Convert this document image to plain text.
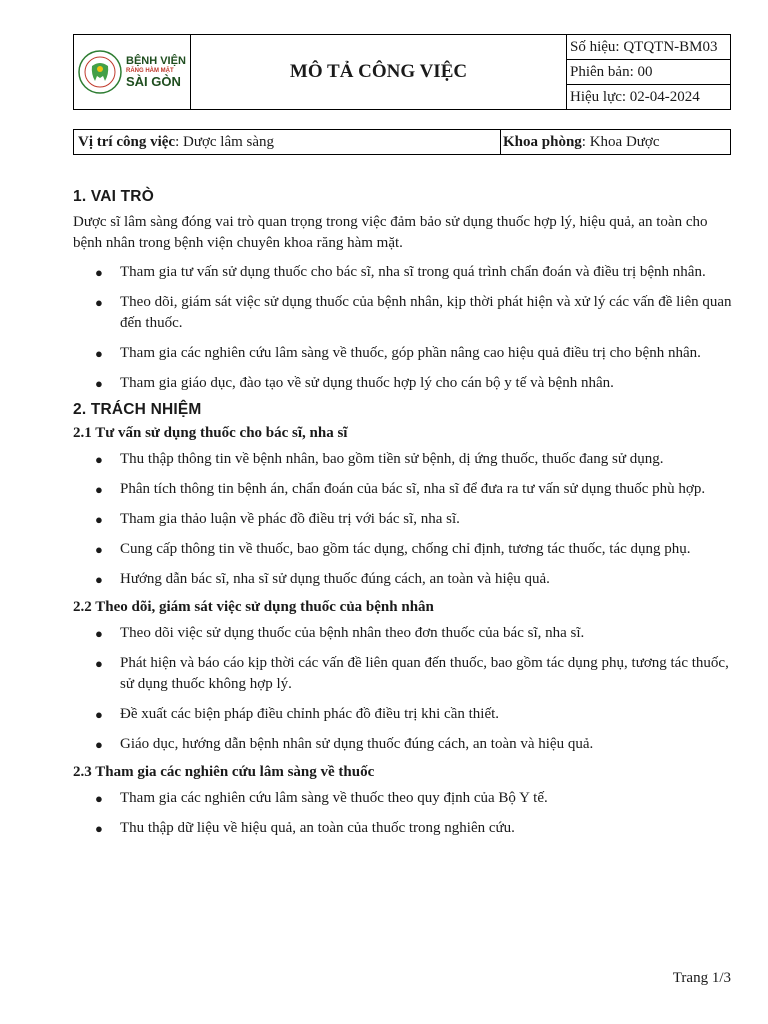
BỆNH VIỆN
RĂNG HÀM MẶT
SÀI GÒN	MÔ TẢ CÔNG VIỆC
Số hiệu: QTQTN-BM03
Phiên bản: 00
Hiệu lực: 02-04-2024
Vị trí công việc : Dược lâm sàng	Khoa phòng : Khoa Dược
1. VAI TRÒ

Dược sĩ lâm sàng đóng vai trò quan trọng trong việc đảm bảo sử dụng thuốc hợp lý, hiệu quả, an toàn cho bệnh nhân trong bệnh viện chuyên khoa răng hàm mặt.

● Tham gia tư vấn sử dụng thuốc cho bác sĩ, nha sĩ trong quá trình chẩn đoán và điều trị bệnh nhân.
● Theo dõi, giám sát việc sử dụng thuốc của bệnh nhân, kịp thời phát hiện và xử lý các vấn đề liên quan đến thuốc.
● Tham gia các nghiên cứu lâm sàng về thuốc, góp phần nâng cao hiệu quả điều trị cho bệnh nhân.
● Tham gia giáo dục, đào tạo về sử dụng thuốc hợp lý cho cán bộ y tế và bệnh nhân.
2. TRÁCH NHIỆM
2.1 Tư vấn sử dụng thuốc cho bác sĩ, nha sĩ
● Thu thập thông tin về bệnh nhân, bao gồm tiền sử bệnh, dị ứng thuốc, thuốc đang sử dụng.
● Phân tích thông tin bệnh án, chẩn đoán của bác sĩ, nha sĩ để đưa ra tư vấn sử dụng thuốc phù hợp.
● Tham gia thảo luận về phác đồ điều trị với bác sĩ, nha sĩ.
● Cung cấp thông tin về thuốc, bao gồm tác dụng, chống chỉ định, tương tác thuốc, tác dụng phụ.
● Hướng dẫn bác sĩ, nha sĩ sử dụng thuốc đúng cách, an toàn và hiệu quả.
2.2 Theo dõi, giám sát việc sử dụng thuốc của bệnh nhân
● Theo dõi việc sử dụng thuốc của bệnh nhân theo đơn thuốc của bác sĩ, nha sĩ.
● Phát hiện và báo cáo kịp thời các vấn đề liên quan đến thuốc, bao gồm tác dụng phụ, tương tác thuốc, sử dụng thuốc không hợp lý.
● Đề xuất các biện pháp điều chỉnh phác đồ điều trị khi cần thiết.
● Giáo dục, hướng dẫn bệnh nhân sử dụng thuốc đúng cách, an toàn và hiệu quả.
2.3 Tham gia các nghiên cứu lâm sàng về thuốc
● Tham gia các nghiên cứu lâm sàng về thuốc theo quy định của Bộ Y tế.
● Thu thập dữ liệu về hiệu quả, an toàn của thuốc trong nghiên cứu.
Trang 1/3
